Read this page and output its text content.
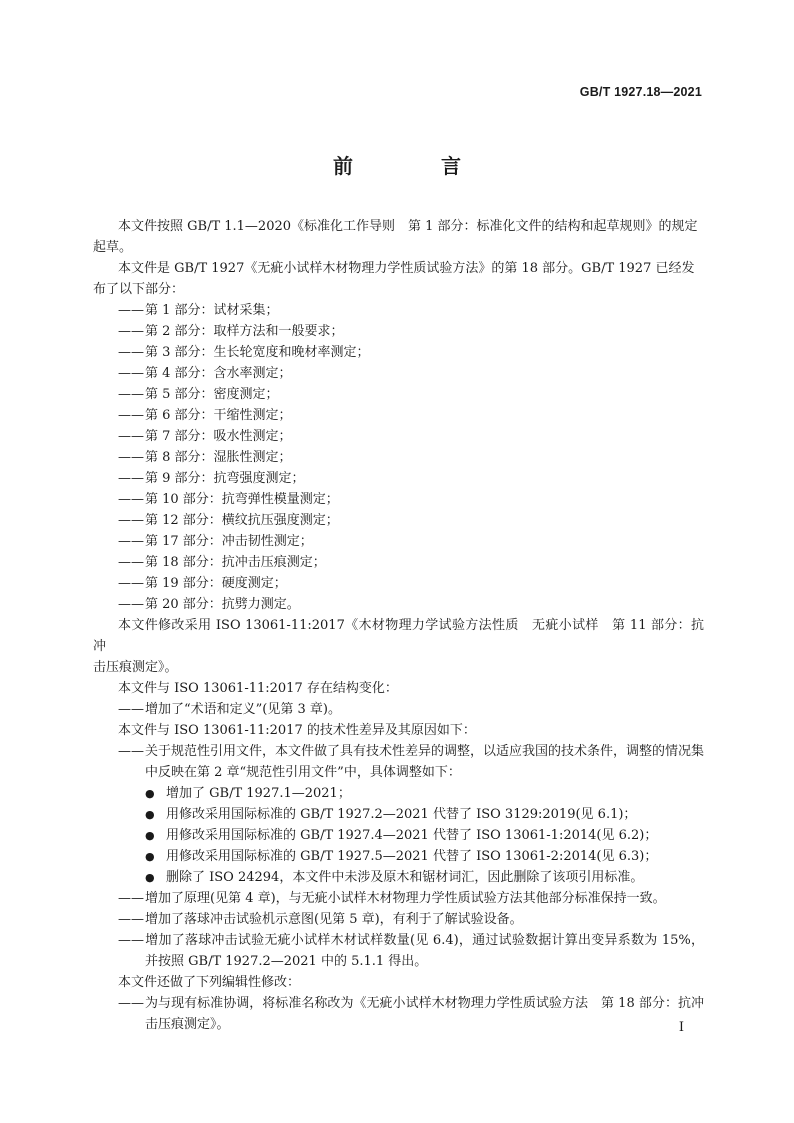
GB/T 1927.18—2021
前　言

本文件按照 GB/T 1.1—2020《标准化工作导则　第 1 部分：标准化文件的结构和起草规则》的规定

起草。

本文件是 GB/T 1927《无疵小试样木材物理力学性质试验方法》的第 18 部分。GB/T 1927 已经发

布了以下部分：

——第 1 部分：试材采集；

——第 2 部分：取样方法和一般要求；

——第 3 部分：生长轮宽度和晚材率测定；

——第 4 部分：含水率测定；

——第 5 部分：密度测定；

——第 6 部分：干缩性测定；

——第 7 部分：吸水性测定；

——第 8 部分：湿胀性测定；

——第 9 部分：抗弯强度测定；

——第 10 部分：抗弯弹性模量测定；

——第 12 部分：横纹抗压强度测定；

——第 17 部分：冲击韧性测定；

——第 18 部分：抗冲击压痕测定；

——第 19 部分：硬度测定；

——第 20 部分：抗劈力测定。

本文件修改采用 ISO 13061-11:2017《木材物理力学试验方法性质　无疵小试样　第 11 部分：抗冲

击压痕测定》。

本文件与 ISO 13061-11:2017 存在结构变化：

——增加了“术语和定义”(见第 3 章)。

本文件与 ISO 13061-11:2017 的技术性差异及其原因如下：

——关于规范性引用文件，本文件做了具有技术性差异的调整，以适应我国的技术条件，调整的情况集中反映在第 2 章“规范性引用文件”中，具体调整如下：

● 增加了 GB/T 1927.1—2021；

● 用修改采用国际标准的 GB/T 1927.2—2021 代替了 ISO 3129:2019(见 6.1)；

● 用修改采用国际标准的 GB/T 1927.4—2021 代替了 ISO 13061-1:2014(见 6.2)；

● 用修改采用国际标准的 GB/T 1927.5—2021 代替了 ISO 13061-2:2014(见 6.3)；

● 删除了 ISO 24294，本文件中未涉及原木和锯材词汇，因此删除了该项引用标准。

——增加了原理(见第 4 章)，与无疵小试样木材物理力学性质试验方法其他部分标准保持一致。

——增加了落球冲击试验机示意图(见第 5 章)，有利于了解试验设备。

——增加了落球冲击试验无疵小试样木材试样数量(见 6.4)，通过试验数据计算出变异系数为 15%，并按照 GB/T 1927.2—2021 中的 5.1.1 得出。

本文件还做了下列编辑性修改：

——为与现有标准协调，将标准名称改为《无疵小试样木材物理力学性质试验方法　第 18 部分：抗冲击压痕测定》。	I
